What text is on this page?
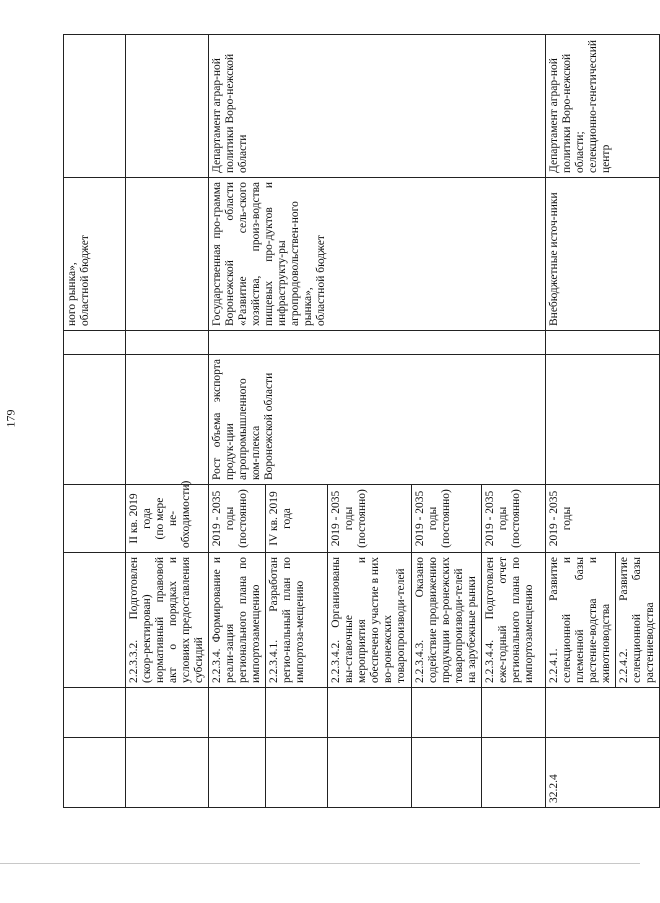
179
						ного рынка»,
областной бюджет	
		2.2.3.3.2. Подготовлен (скор-ректирован) нормативный правовой акт о порядках и условиях предоставления субсидий	II кв. 2019 года
(по мере не-обходимости)				
		2.2.3.4. Формирование и реали-зация регионального плана по импортозамещению	2019 - 2035 годы
(постоянно)	Рост объема экспорта продук-ции агропромышленного ком-плекса Воронежской области		Государственная про-грамма Воронежской области «Развитие сель-ского хозяйства, произ-водства пищевых про-дуктов и инфраструкту-ры агропродовольствен-ного рынка»,
областной бюджет	Департамент аграр-ной политики Воро-нежской области
		2.2.3.4.1. Разработан регио-нальный план по импортоза-мещению	IV кв. 2019 года				
		2.2.3.4.2. Организованы вы-ставочные мероприятия и обеспечено участие в них во-ронежских товаропроизводи-телей	2019 - 2035 годы
(постоянно)				
		2.2.3.4.3. Оказано содействие продвижению продукции во-ронежских товаропроизводи-телей на зарубежные рынки	2019 - 2035 годы
(постоянно)				
		2.2.3.4.4. Подготовлен еже-годный отчет регионального плана по импортозамещению	2019 - 2035 годы
(постоянно)				
32.2.4		2.2.4.1. Развитие селекционной и племенной базы растение-водства и животноводства	2019 - 2035 годы			Внебюджетные источ-ники	Департамент аграр-ной политики Воро-нежской области;
селекционно-генетический центр
		2.2.4.2. Развитие селекционной базы растениеводства					
